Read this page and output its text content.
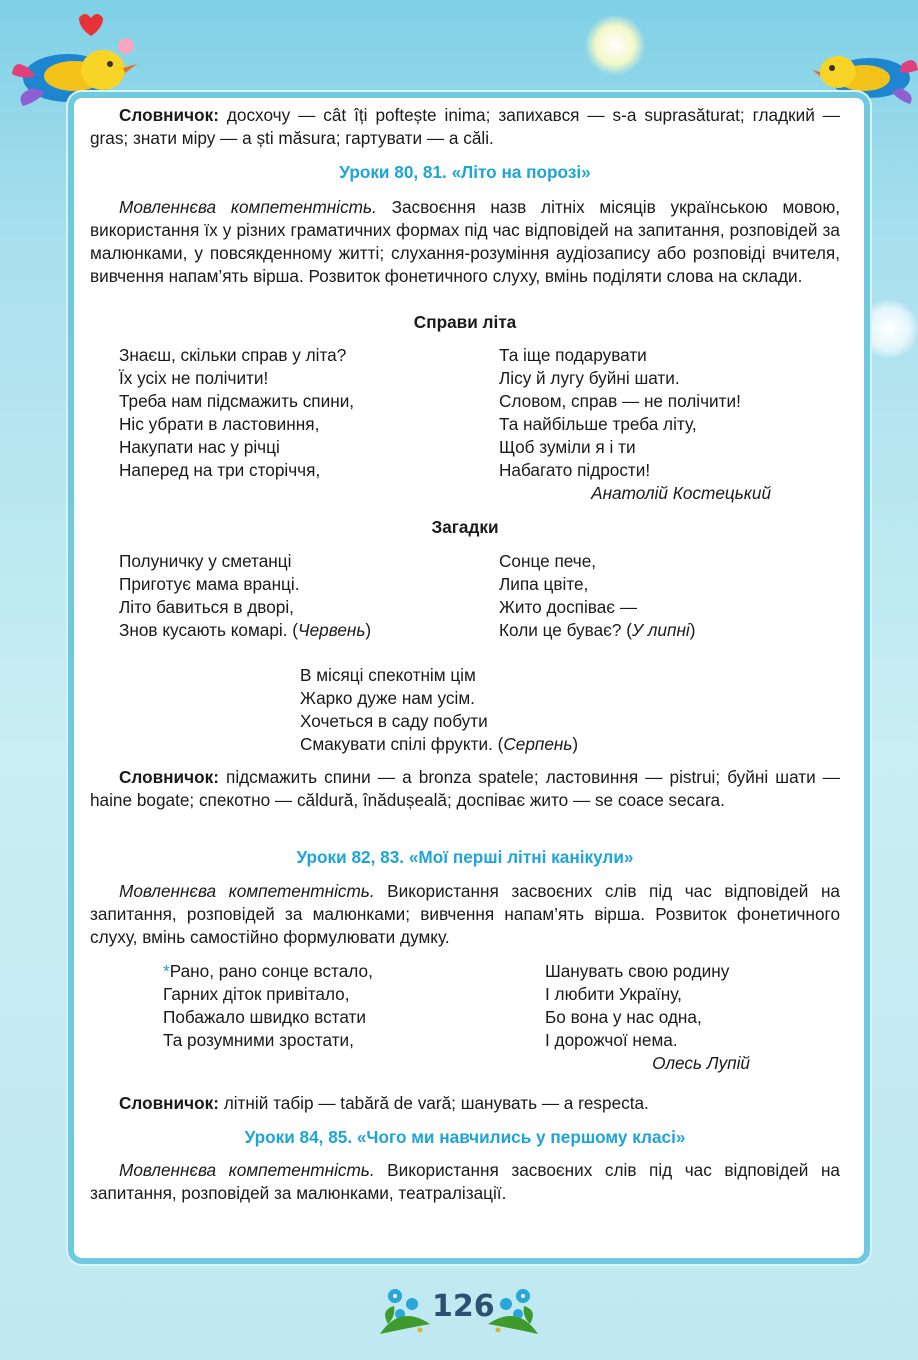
Словничок: досхочу — cât îți poftește inima; запихався — s-a suprasăturat; гладкий — gras; знати міру — a ști măsura; гартувати — a căli.

Уроки 80, 81. «Літо на порозі»

Мовленнєва компетентність. Засвоєння назв літніх місяців українською мовою, використання їх у різних граматичних формах під час відповідей на запитання, розповідей за малюнками, у повсякденному житті; слухання-розуміння аудіозапису або розповіді вчителя, вивчення напам’ять вірша. Розвиток фонетичного слуху, вмінь поділяти слова на склади.

Справи літа

Знаєш, скільки справ у літа?
Їх усіх не полічити!
Треба нам підсмажить спини,
Ніс убрати в ластовиння,
Накупати нас у річці
Наперед на три сторіччя,
Та іще подарувати
Лісу й лугу буйні шати.
Словом, справ — не полічити!
Та найбільше треба літу,
Щоб зуміли я і ти
Набагато підрости!
Анатолій Костецький

Загадки

Полуничку у сметанці
Приготує мама вранці.
Літо бавиться в дворі,
Знов кусають комарі. (Червень)
Сонце пече,
Липа цвіте,
Жито доспіває —
Коли це буває? (У липні)
В місяці спекотнім цім
Жарко дуже нам усім.
Хочеться в саду побути
Смакувати спілі фрукти. (Серпень)

Словничок: підсмажить спини — a bronza spatele; ластовиння — pistrui; буйні шати — haine bogate; спекотно — căldură, înădușeală; доспіває жито — se coace secara.

Уроки 82, 83. «Мої перші літні канікули»

Мовленнєва компетентність. Використання засвоєних слів під час відповідей на запитання, розповідей за малюнками; вивчення напам’ять вірша. Розвиток фонетичного слуху, вмінь самостійно формулювати думку.

*Рано, рано сонце встало,
Гарних діток привітало,
Побажало швидко встати
Та розумними зростати,
Шанувать свою родину
І любити Україну,
Бо вона у нас одна,
І дорожчої нема.
Олесь Лупій

Словничок: літній табір — tabără de vară; шанувать — a respecta.

Уроки 84, 85. «Чого ми навчились у першому класі»

Мовленнєва компетентність. Використання засвоєних слів під час відповідей на запитання, розповідей за малюнками, театралізації.

126
